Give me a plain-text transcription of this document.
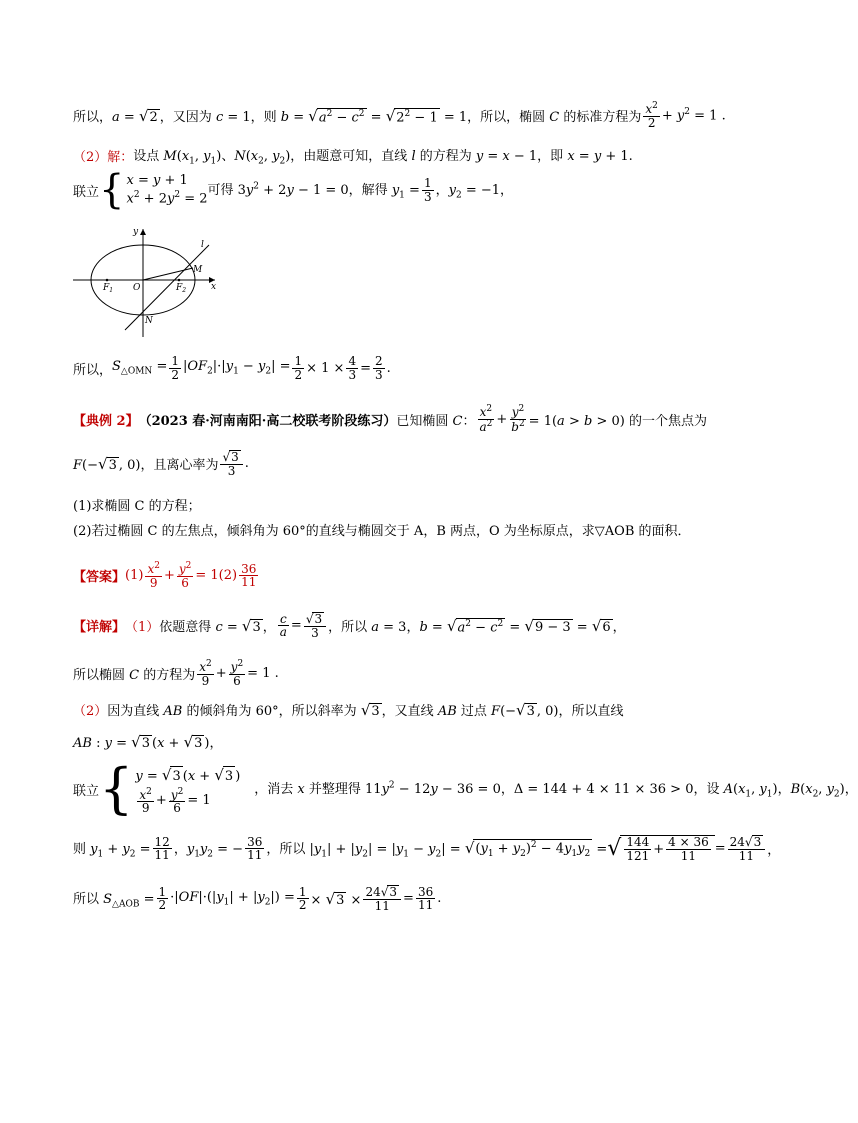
所以， a = √2 ，又因为 c = 1，则 $b = √a^2 - c^2 = √2^2 - 1 = 1$，所以，椭圆 C 的标准方程为 $\frac{x^2}{2} + y^2 = 1$ .
（2）解： 设点 $M(x_1$, $y_1$)、$N(x_2$, $y_2$)，由题意可知，直线 l 的方程为 y = x − 1，即 x = y + 1.
联立 { x = y + 1
$x^2 + 2y^2 = 2$
可得 $3y^2 + 2y - 1 = 0$，解得 $y_1 = \frac{1}{3}$ ，$y_2 = -1$，
y
l
M
$F_1$ O	$F_2$	x
N
所以， $S_{\triangle OMN} = \frac{1}{2} |OF_2|\cdot|y_1 - y_2| = \frac{1}{2} \times 1 \times \frac{4}{3} = \frac{2}{3}$ .
【典例 2】 （2023 春·河南南阳·高二校联考阶段练习） 已知椭圆 C： $\frac{x^2}{a^2} + \frac{y^2}{b^2} = 1(a > b > 0)$ 的一个焦点为
F(−√3 , 0)，且离心率为 $\frac{√3}{3}$ .
(1)求椭圆 C 的方程；
(2)若过椭圆 C 的左焦点，倾斜角为 60°的直线与椭圆交于 A，B 两点，O 为坐标原点，求▽AOB 的面积．
【答案】 $(1) \frac{x^2}{9} + \frac{y^2}{6} = 1$ $(2) \frac{36}{11}$
【详解】 （1） 依题意得 c = √3 ， $\frac{c}{a} = \frac{√3}{3}$ ，所以 a = 3，$b = √a^2 - c^2 = √9 - 3 = √6$ ，
所以椭圆 C 的方程为 $\frac{x^2}{9} + \frac{y^2}{6} = 1$ .
（2） 因为直线 AB 的倾斜角为 60°，所以斜率为 √3 ，又直线 AB 过点 F(−√3 , 0)，所以直线
AB : y = √3 (x + √3 )，
联立 { y = √3 (x + √3 )
$\frac{x^2}{9} + \frac{y^2}{6} = 1$
，消去 x 并整理得 $11y^2 - 12y - 36 = 0$，Δ = 144 + 4 × 11 × 36 > 0，设 $A(x_1$, $y_1$)，$B(x_2$, $y_2$)，
则 $y_1 + y_2 = \frac{12}{11}$ ，$y_1y_2$ = − $\frac{36}{11}$ ，所以 $|y_1| + |y_2| = |y_1 - y_2| = √(y_1 + y_2)^2 - 4y_1y_2$ = √ $\frac{144}{121} + \frac{4 \times 36}{11} = \frac{24√3}{11}$ ，
所以 $S_{\triangle AOB} = \frac{1}{2} \cdot|OF|\cdot(|y_1| + |y_2|) = \frac{1}{2} \times √3 \times \frac{24√3}{11} = \frac{36}{11}$ .
